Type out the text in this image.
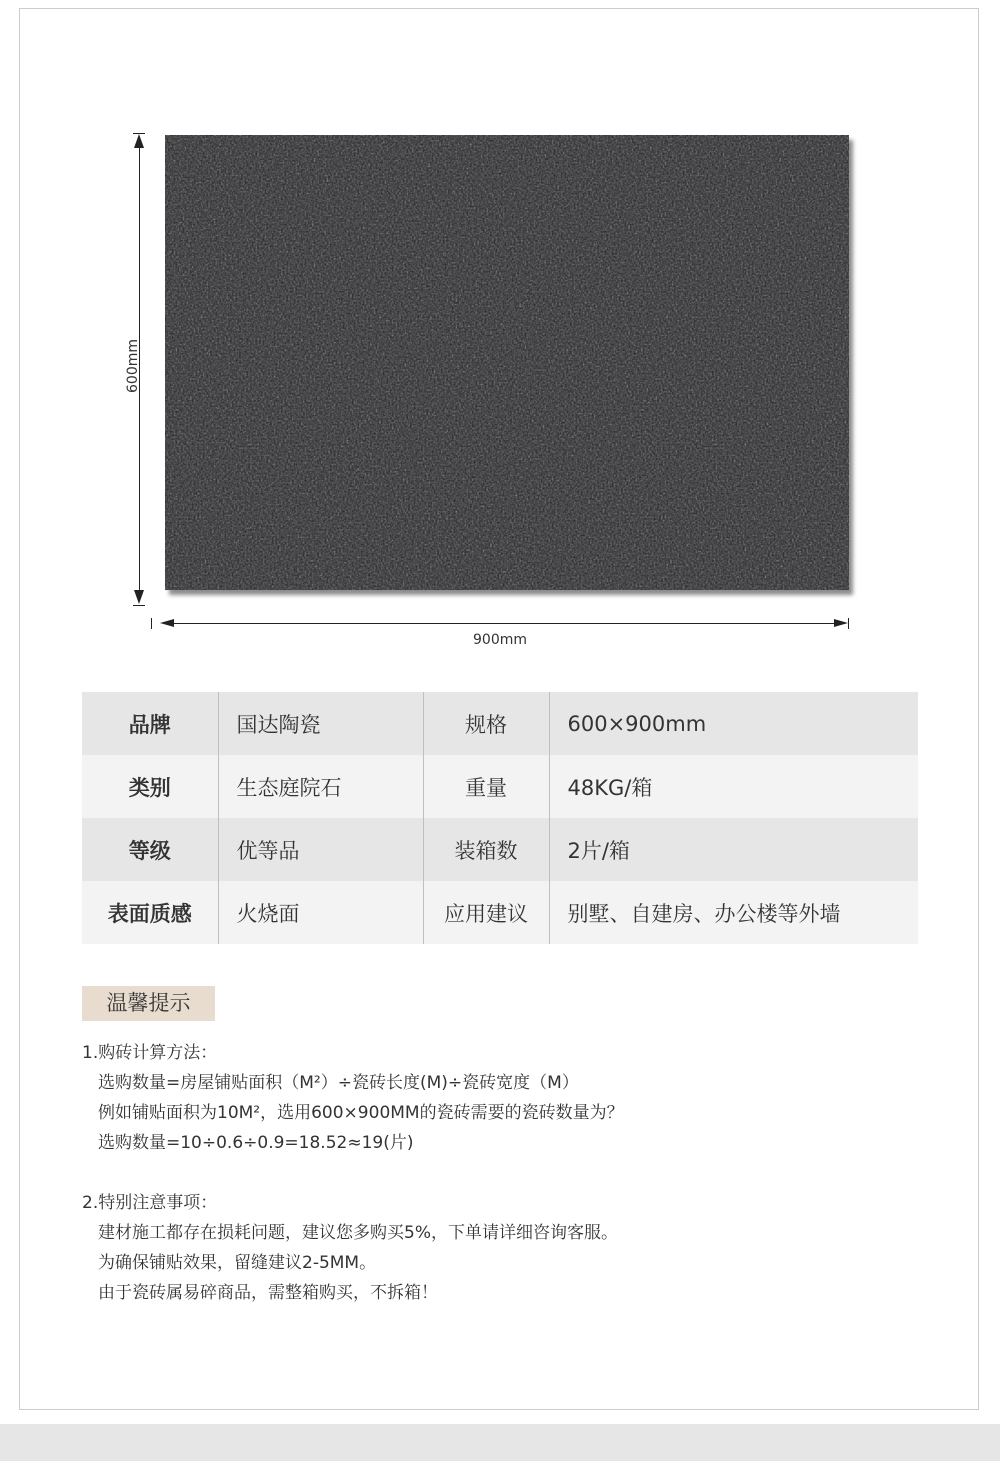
600mm
900mm
品牌	国达陶瓷	规格	600×900mm
类别	生态庭院石	重量	48KG/箱
等级	优等品	装箱数	2片/箱
表面质感	火烧面	应用建议	别墅、自建房、办公楼等外墙
温馨提示

1.购砖计算方法：

选购数量=房屋铺贴面积（M²）÷瓷砖长度(M)÷瓷砖宽度（M）

例如铺贴面积为10M²，选用600×900MM的瓷砖需要的瓷砖数量为？

选购数量=10÷0.6÷0.9=18.52≈19(片)

2.特别注意事项：

建材施工都存在损耗问题，建议您多购买5%，下单请详细咨询客服。

为确保铺贴效果，留缝建议2-5MM。

由于瓷砖属易碎商品，需整箱购买，不拆箱！
